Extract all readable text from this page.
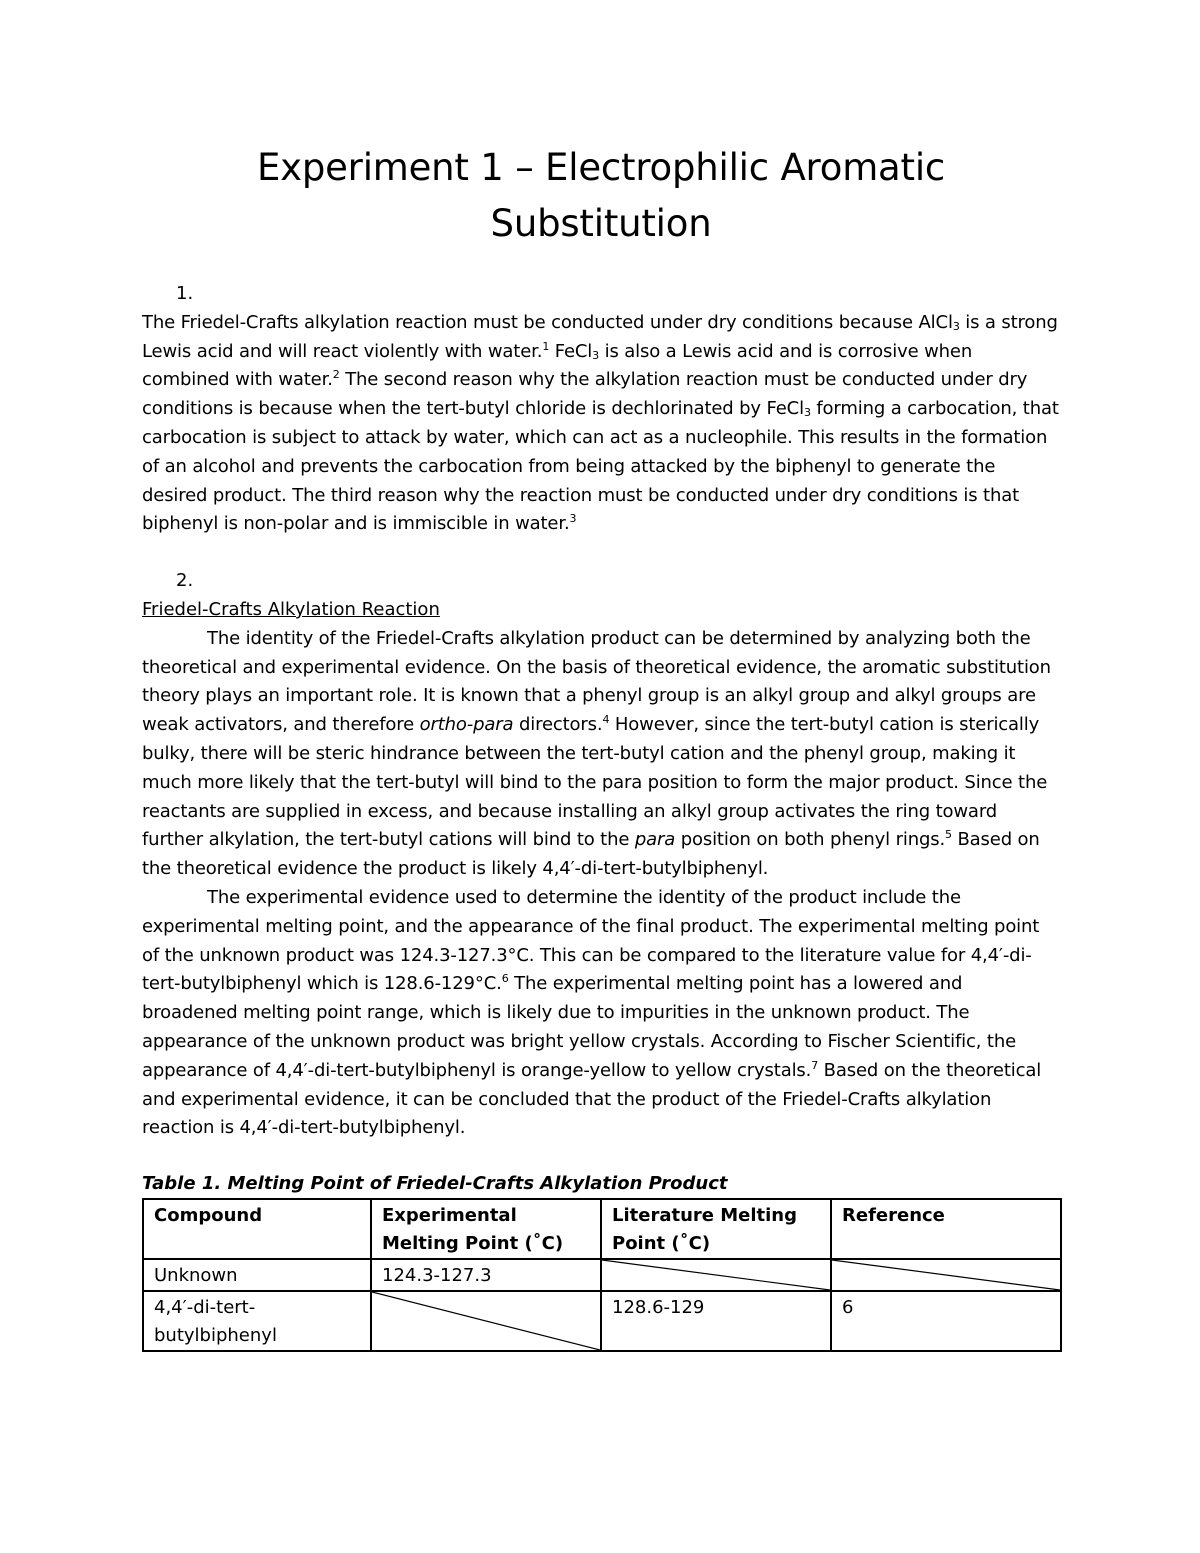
Experiment 1 – Electrophilic Aromatic Substitution

1.

The Friedel-Crafts alkylation reaction must be conducted under dry conditions because AlCl$_3$ is a strong Lewis acid and will react violently with water.$^1$ FeCl$_3$ is also a Lewis acid and is corrosive when combined with water.$^2$ The second reason why the alkylation reaction must be conducted under dry conditions is because when the tert-butyl chloride is dechlorinated by FeCl$_3$ forming a carbocation, that carbocation is subject to attack by water, which can act as a nucleophile. This results in the formation of an alcohol and prevents the carbocation from being attacked by the biphenyl to generate the desired product. The third reason why the reaction must be conducted under dry conditions is that biphenyl is non-polar and is immiscible in water.$^3$

2.

Friedel-Crafts Alkylation Reaction

The identity of the Friedel-Crafts alkylation product can be determined by analyzing both the theoretical and experimental evidence. On the basis of theoretical evidence, the aromatic substitution theory plays an important role. It is known that a phenyl group is an alkyl group and alkyl groups are weak activators, and therefore ortho-para directors.$^4$ However, since the tert-butyl cation is sterically bulky, there will be steric hindrance between the tert-butyl cation and the phenyl group, making it much more likely that the tert-butyl will bind to the para position to form the major product. Since the reactants are supplied in excess, and because installing an alkyl group activates the ring toward further alkylation, the tert-butyl cations will bind to the para position on both phenyl rings.$^5$ Based on the theoretical evidence the product is likely 4,4′-di-tert-butylbiphenyl.

The experimental evidence used to determine the identity of the product include the experimental melting point, and the appearance of the final product. The experimental melting point of the unknown product was 124.3-127.3°C. This can be compared to the literature value for 4,4′-di-tert-butylbiphenyl which is 128.6-129°C.$^6$ The experimental melting point has a lowered and broadened melting point range, which is likely due to impurities in the unknown product. The appearance of the unknown product was bright yellow crystals. According to Fischer Scientific, the appearance of 4,4′-di-tert-butylbiphenyl is orange-yellow to yellow crystals.$^7$ Based on the theoretical and experimental evidence, it can be concluded that the product of the Friedel-Crafts alkylation reaction is 4,4′-di-tert-butylbiphenyl.

Table 1. Melting Point of Friedel-Crafts Alkylation Product

Compound	Experimental Melting Point (˚C)	Literature Melting Point (˚C)	Reference
Unknown	124.3-127.3	

4,4′-di-tert-butylbiphenyl		128.6-129	6
